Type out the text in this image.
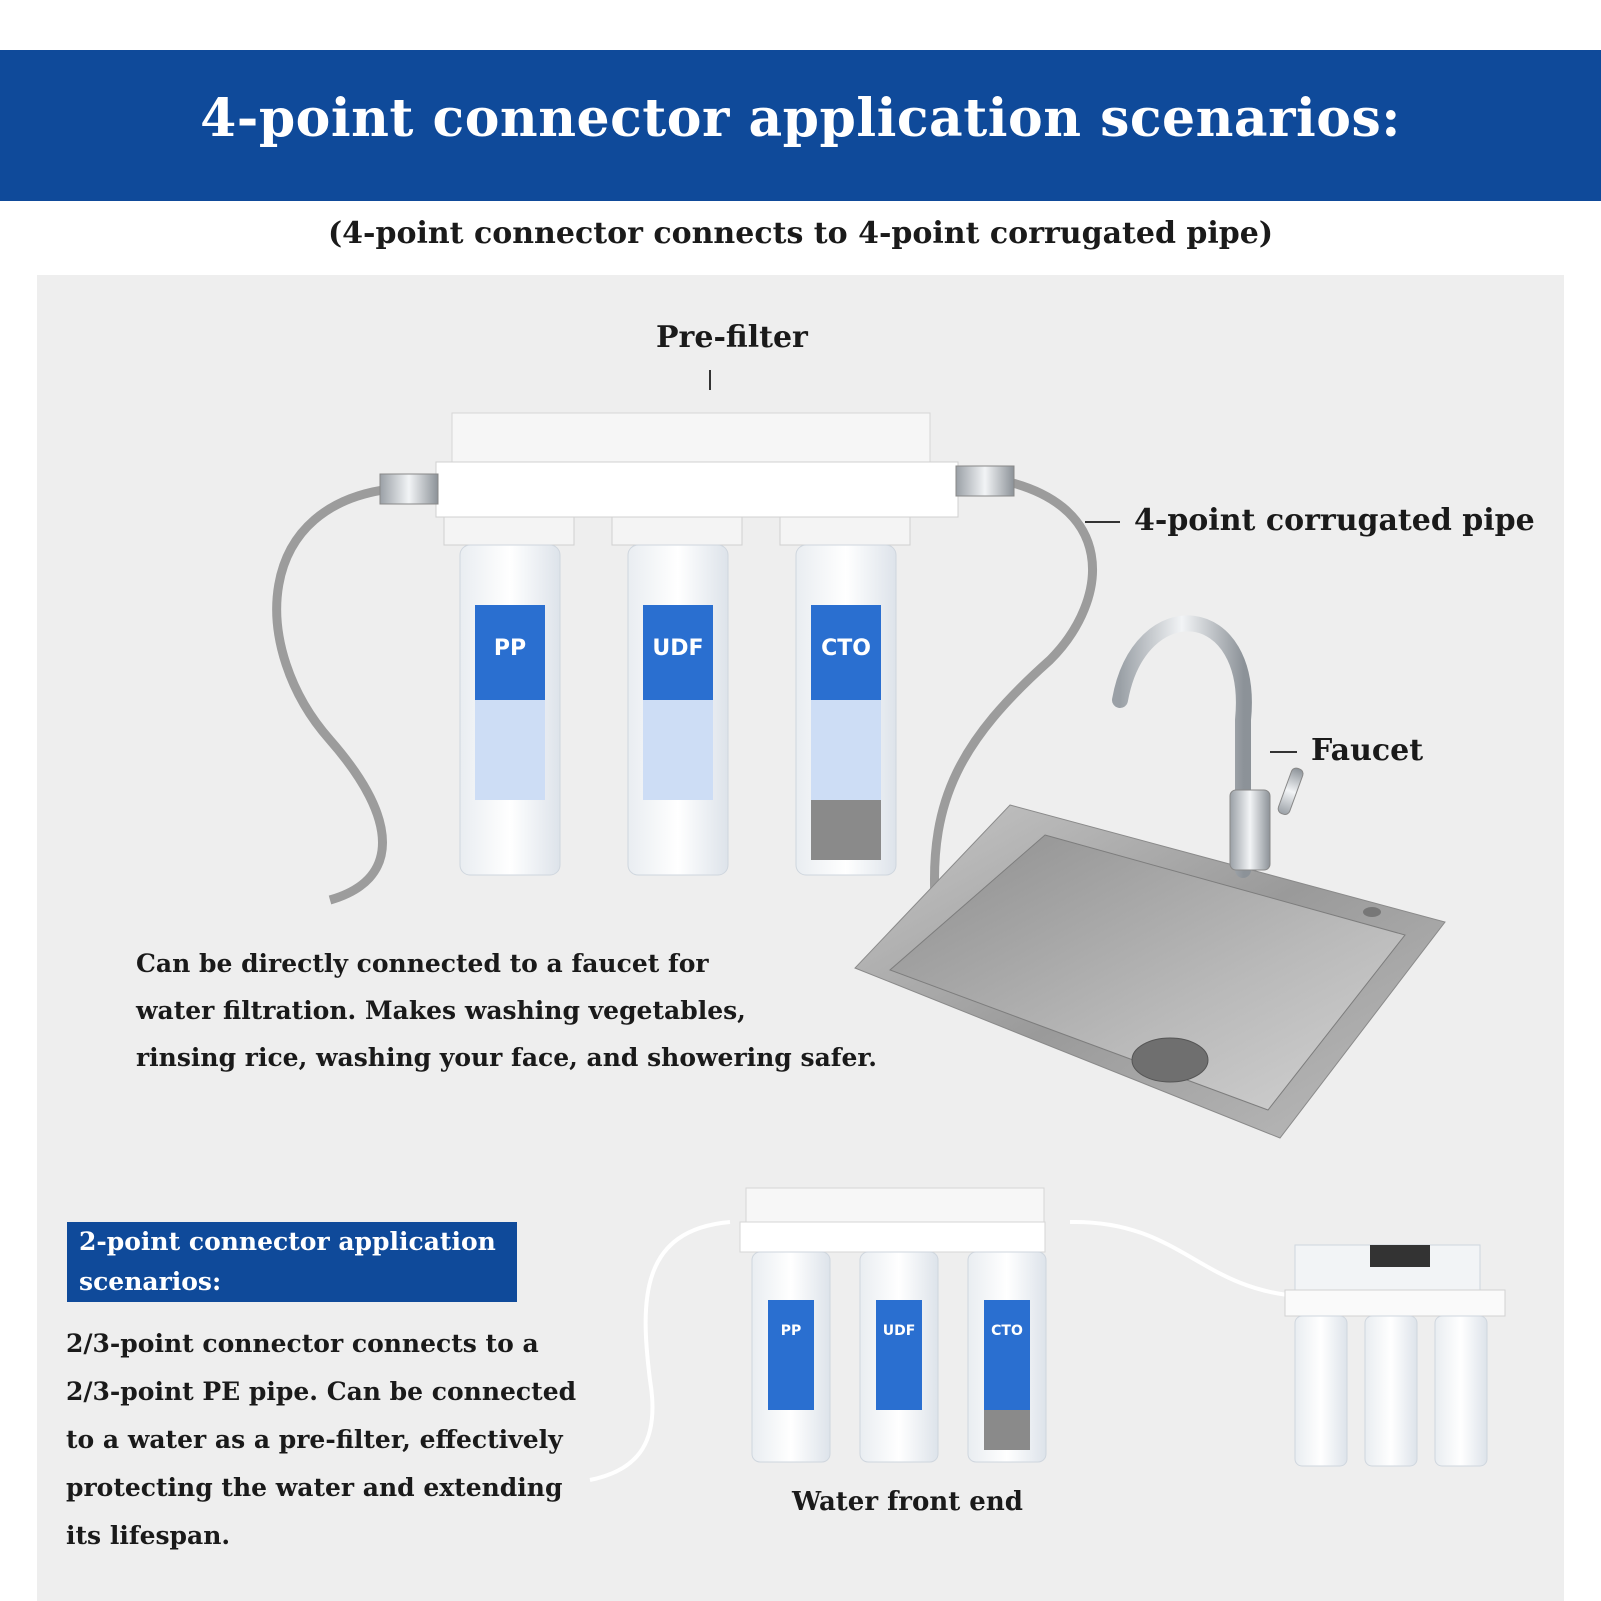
4-point connector application scenarios:
(4-point connector connects to 4-point corrugated pipe)
PP	UDF	CTO
PP	UDF	CTO
Pre-filter
4-point corrugated pipe
Faucet
Can be directly connected to a faucet for
water filtration. Makes washing vegetables,
rinsing rice, washing your face, and showering safer.
2-point connector application
scenarios:
2/3-point connector connects to a
2/3-point PE pipe. Can be connected
to a water as a pre-filter, effectively
protecting the water and extending
its lifespan.
Water front end
